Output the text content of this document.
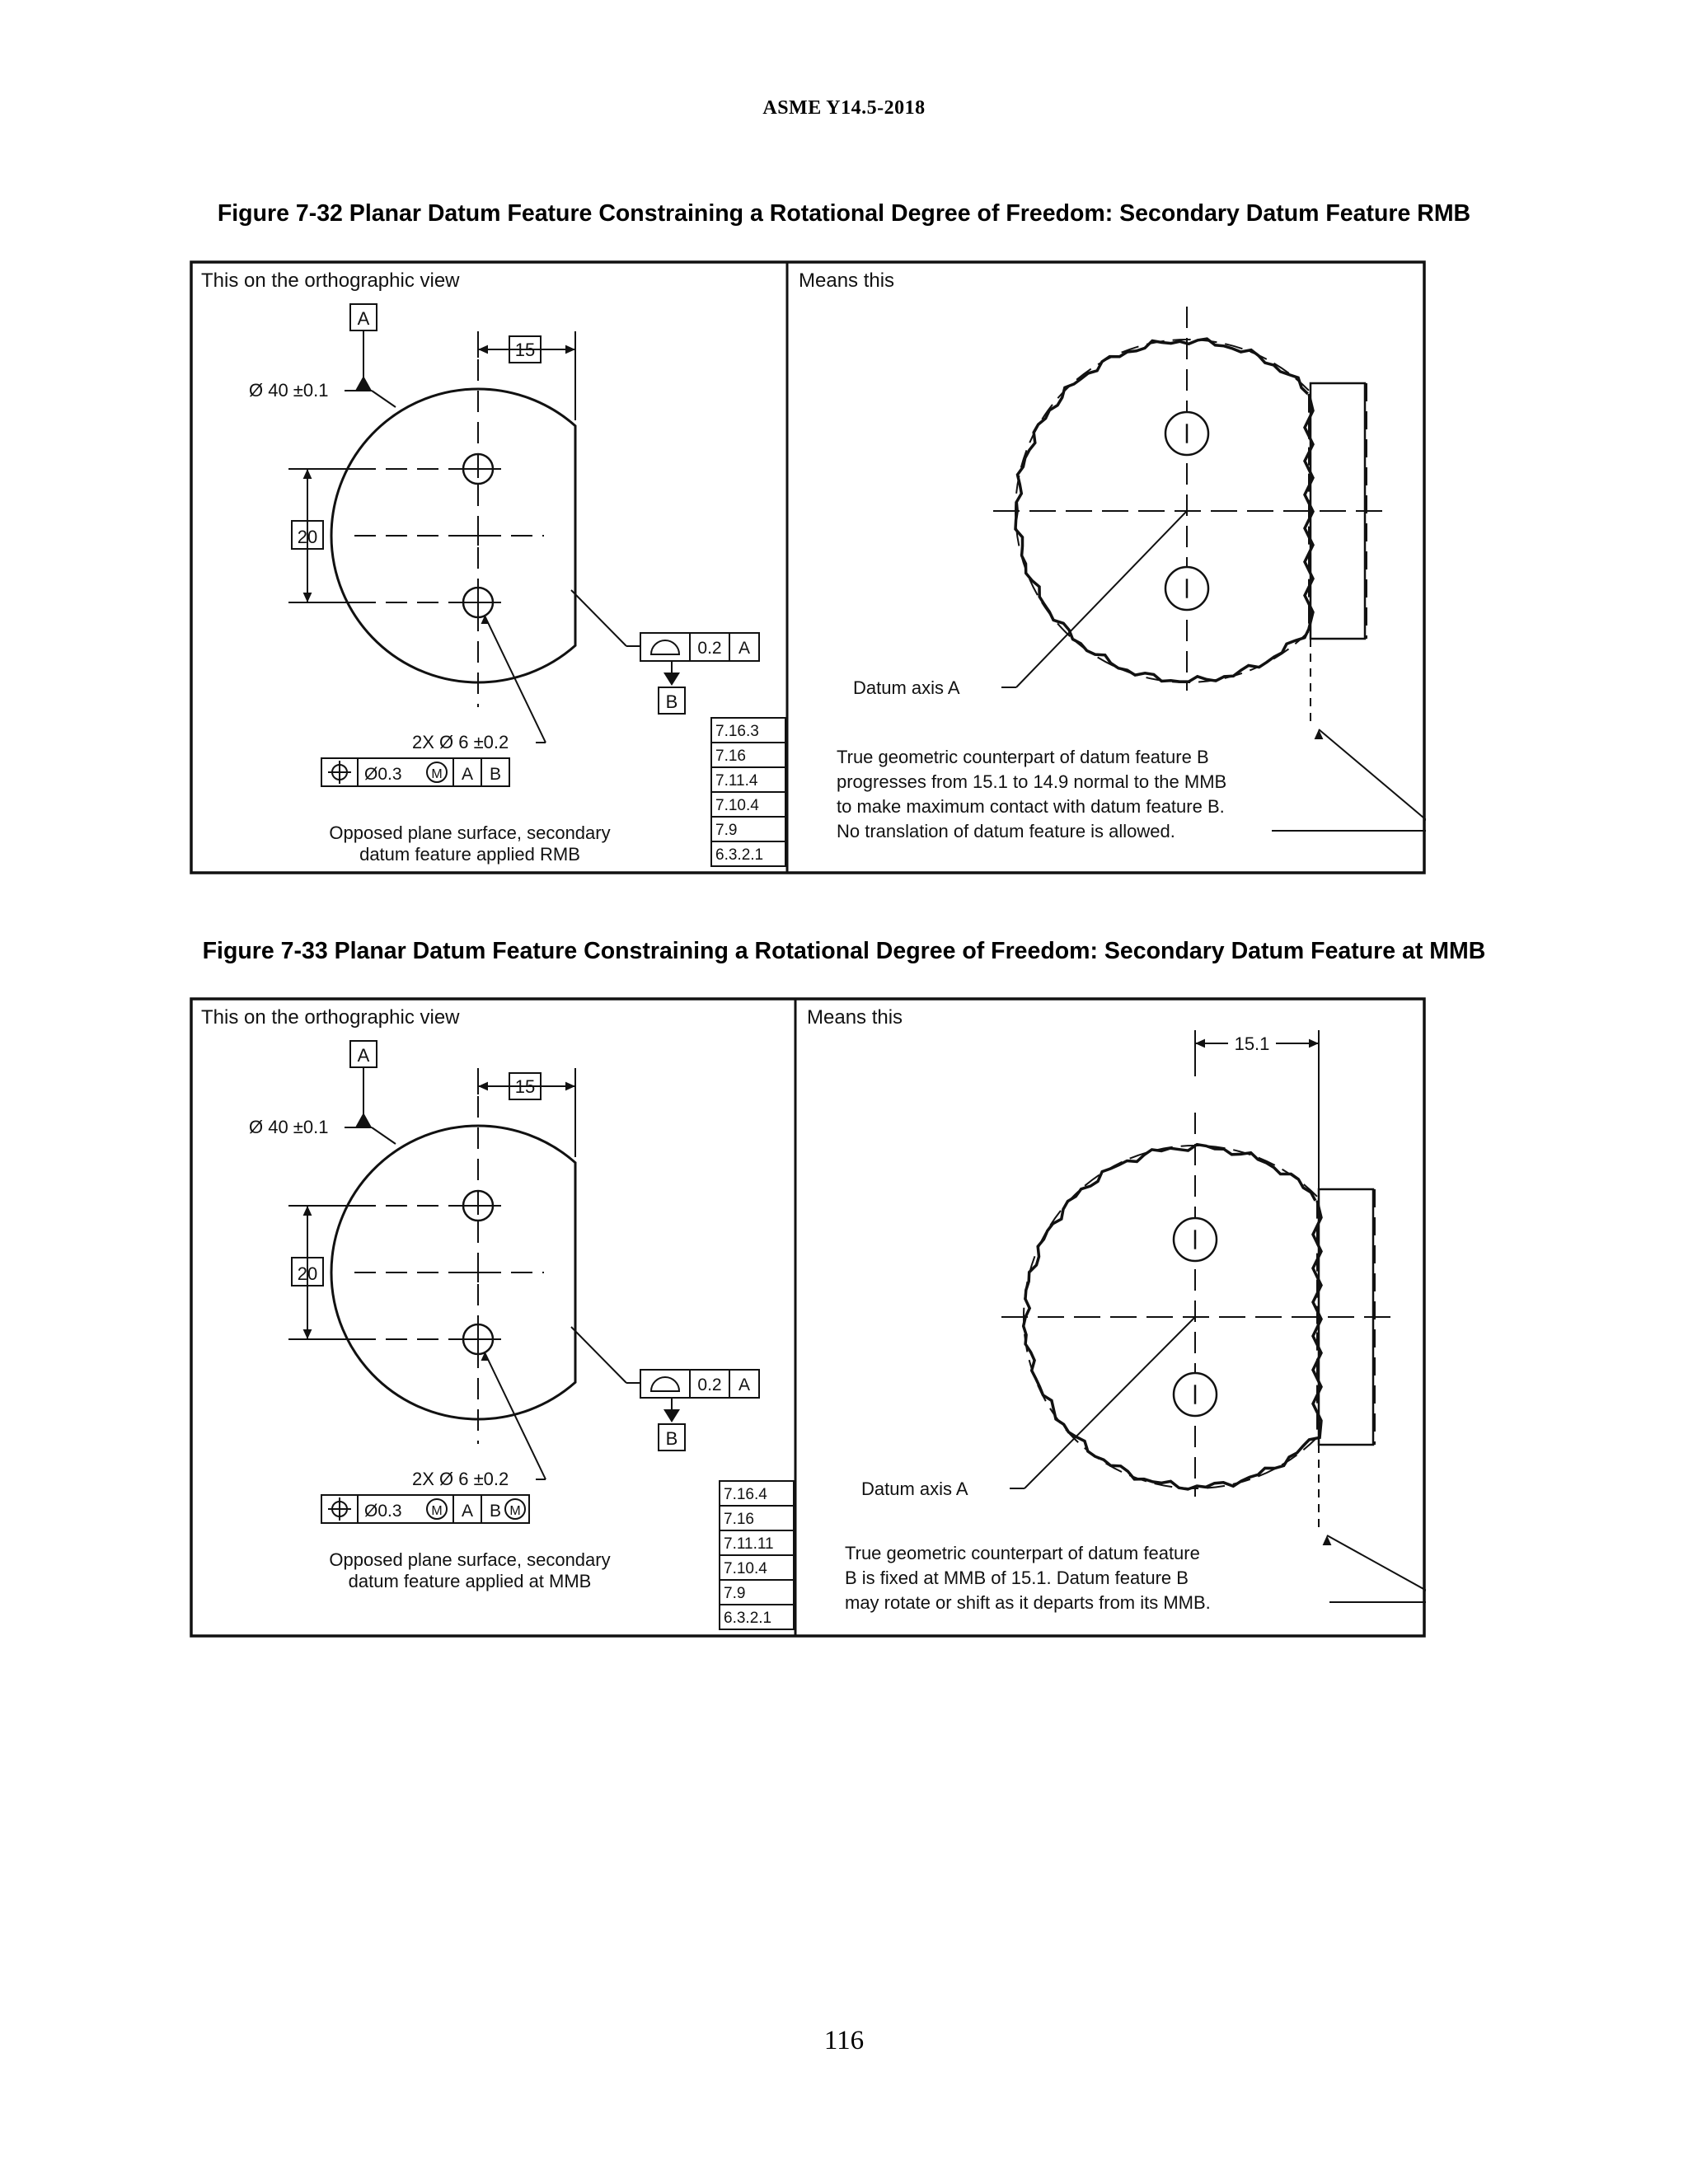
ASME Y14.5-2018
Figure 7-32 Planar Datum Feature Constraining a Rotational Degree of Freedom: Secondary Datum Feature RMB
This on the orthographic view	Means this
20
15
A
Ø 40 ±0.1
0.2 A
B
2X Ø 6 ±0.2
Ø0.3 M A B
Opposed plane surface, secondary
datum feature applied RMB
7.16.3
7.16
7.11.4
7.10.4
7.9
6.3.2.1
Datum axis A
True geometric counterpart of datum feature B
progresses from 15.1 to 14.9 normal to the MMB
to make maximum contact with datum feature B.
No translation of datum feature is allowed.
Figure 7-33 Planar Datum Feature Constraining a Rotational Degree of Freedom: Secondary Datum Feature at MMB
This on the orthographic view	Means this
20
15
A
Ø 40 ±0.1
0.2 A
B
2X Ø 6 ±0.2
Ø0.3 M A B M
Opposed plane surface, secondary
datum feature applied at MMB
7.16.4
7.16
7.11.11
7.10.4
7.9
6.3.2.1
Datum axis A
15.1
True geometric counterpart of datum feature
B is fixed at MMB of 15.1. Datum feature B
may rotate or shift as it departs from its MMB.
116
